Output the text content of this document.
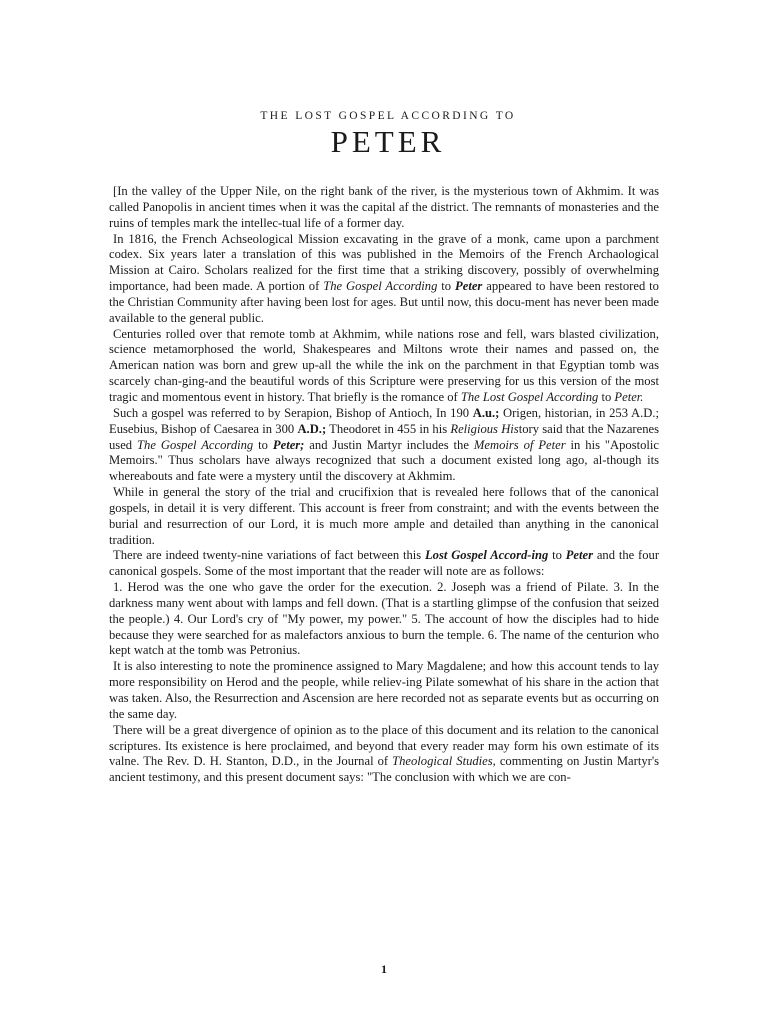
THE LOST GOSPEL ACCORDING TO
PETER

[In the valley of the Upper Nile, on the right bank of the river, is the mysterious town of Akhmim. It was called Panopolis in ancient times when it was the capital af the district. The remnants of monasteries and the ruins of temples mark the intellec-tual life of a former day.

In 1816, the French Achseological Mission excavating in the grave of a monk, came upon a parchment codex. Six years later a translation of this was published in the Memoirs of the French Archaological Mission at Cairo. Scholars realized for the first time that a striking discovery, possibly of overwhelming importance, had been made. A portion of The Gospel According to Peter appeared to have been restored to the Christian Community after having been lost for ages. But until now, this docu-ment has never been made available to the general public.

Centuries rolled over that remote tomb at Akhmim, while nations rose and fell, wars blasted civilization, science metamorphosed the world, Shakespeares and Miltons wrote their names and passed on, the American nation was born and grew up-all the while the ink on the parchment in that Egyptian tomb was scarcely chan-ging-and the beautiful words of this Scripture were preserving for us this version of the most tragic and momentous event in history. That briefly is the romance of The Lost Gospel According to Peter.

Such a gospel was referred to by Serapion, Bishop of Antioch, In 190 A.u.; Origen, historian, in 253 A.D.; Eusebius, Bishop of Caesarea in 300 A.D.; Theodoret in 455 in his Religious History said that the Nazarenes used The Gospel According to Peter; and Justin Martyr includes the Memoirs of Peter in his "Apostolic Memoirs." Thus scholars have always recognized that such a document existed long ago, al-though its whereabouts and fate were a mystery until the discovery at Akhmim.

While in general the story of the trial and crucifixion that is revealed here follows that of the canonical gospels, in detail it is very different. This account is freer from constraint; and with the events between the burial and resurrection of our Lord, it is much more ample and detailed than anything in the canonical tradition.

There are indeed twenty-nine variations of fact between this Lost Gospel Accord-ing to Peter and the four canonical gospels. Some of the most important that the reader will note are as follows:

1. Herod was the one who gave the order for the execution. 2. Joseph was a friend of Pilate. 3. In the darkness many went about with lamps and fell down. (That is a startling glimpse of the confusion that seized the people.) 4. Our Lord's cry of "My power, my power." 5. The account of how the disciples had to hide because they were searched for as malefactors anxious to burn the temple. 6. The name of the centurion who kept watch at the tomb was Petronius.

It is also interesting to note the prominence assigned to Mary Magdalene; and how this account tends to lay more responsibility on Herod and the people, while reliev-ing Pilate somewhat of his share in the action that was taken. Also, the Resurrection and Ascension are here recorded not as separate events but as occurring on the same day.

There will be a great divergence of opinion as to the place of this document and its relation to the canonical scriptures. Its existence is here proclaimed, and beyond that every reader may form his own estimate of its valne. The Rev. D. H. Stanton, D.D., in the Journal of Theological Studies, commenting on Justin Martyr's ancient testimony, and this present document says: "The conclusion with which we are con-

1
